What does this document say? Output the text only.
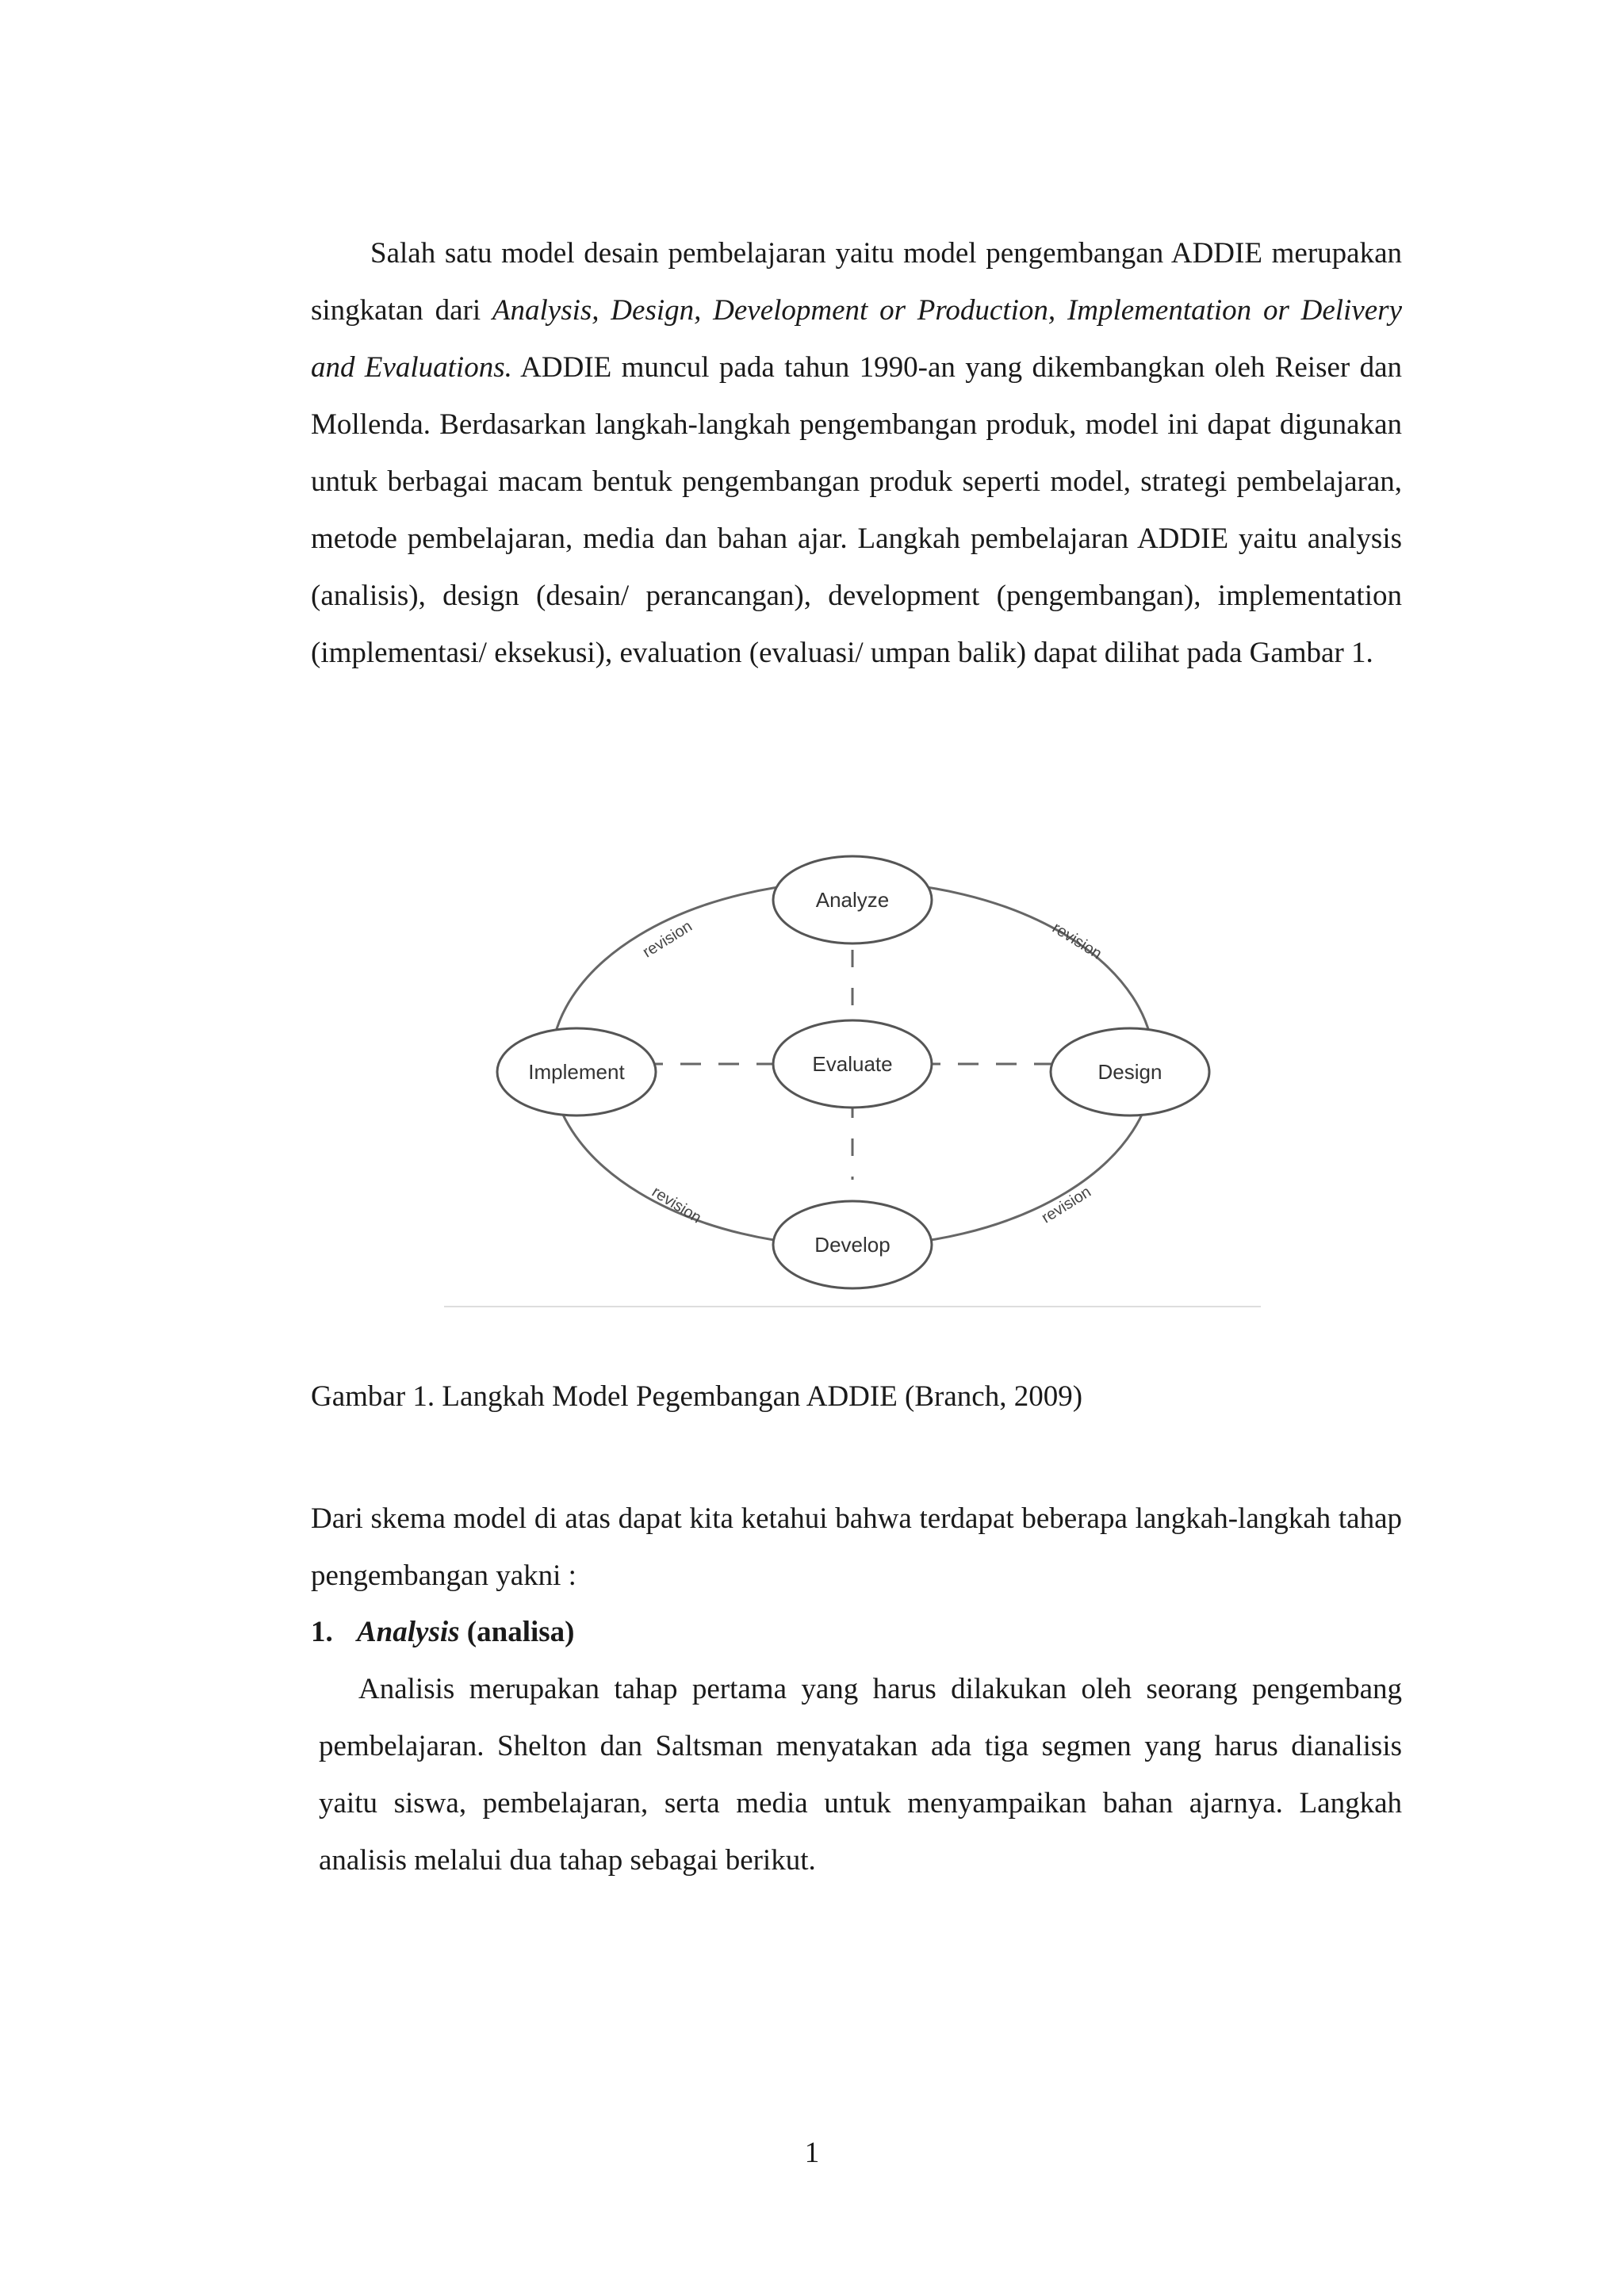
Salah satu model desain pembelajaran yaitu model pengembangan ADDIE merupakan singkatan dari Analysis, Design, Development or Production, Implementation or Delivery and Evaluations. ADDIE muncul pada tahun 1990-an yang dikembangkan oleh Reiser dan Mollenda. Berdasarkan langkah-langkah pengembangan produk, model ini dapat digunakan untuk berbagai macam bentuk pengembangan produk seperti model, strategi pembelajaran, metode pembelajaran, media dan bahan ajar. Langkah pembelajaran ADDIE yaitu analysis (analisis), design (desain/ perancangan), development (pengembangan), implementation (implementasi/ eksekusi), evaluation (evaluasi/ umpan balik) dapat dilihat pada Gambar 1.

Analyze
Design
Develop
Implement	Evaluate
revision	revision
revision	revision

Gambar 1. Langkah Model Pegembangan ADDIE (Branch, 2009)

Dari skema model di atas dapat kita ketahui bahwa terdapat beberapa langkah-langkah tahap pengembangan yakni :

1. Analysis (analisa)

Analisis merupakan tahap pertama yang harus dilakukan oleh seorang pengembang pembelajaran. Shelton dan Saltsman menyatakan ada tiga segmen yang harus dianalisis yaitu siswa, pembelajaran, serta media untuk menyampaikan bahan ajarnya. Langkah analisis melalui dua tahap sebagai berikut.

1
